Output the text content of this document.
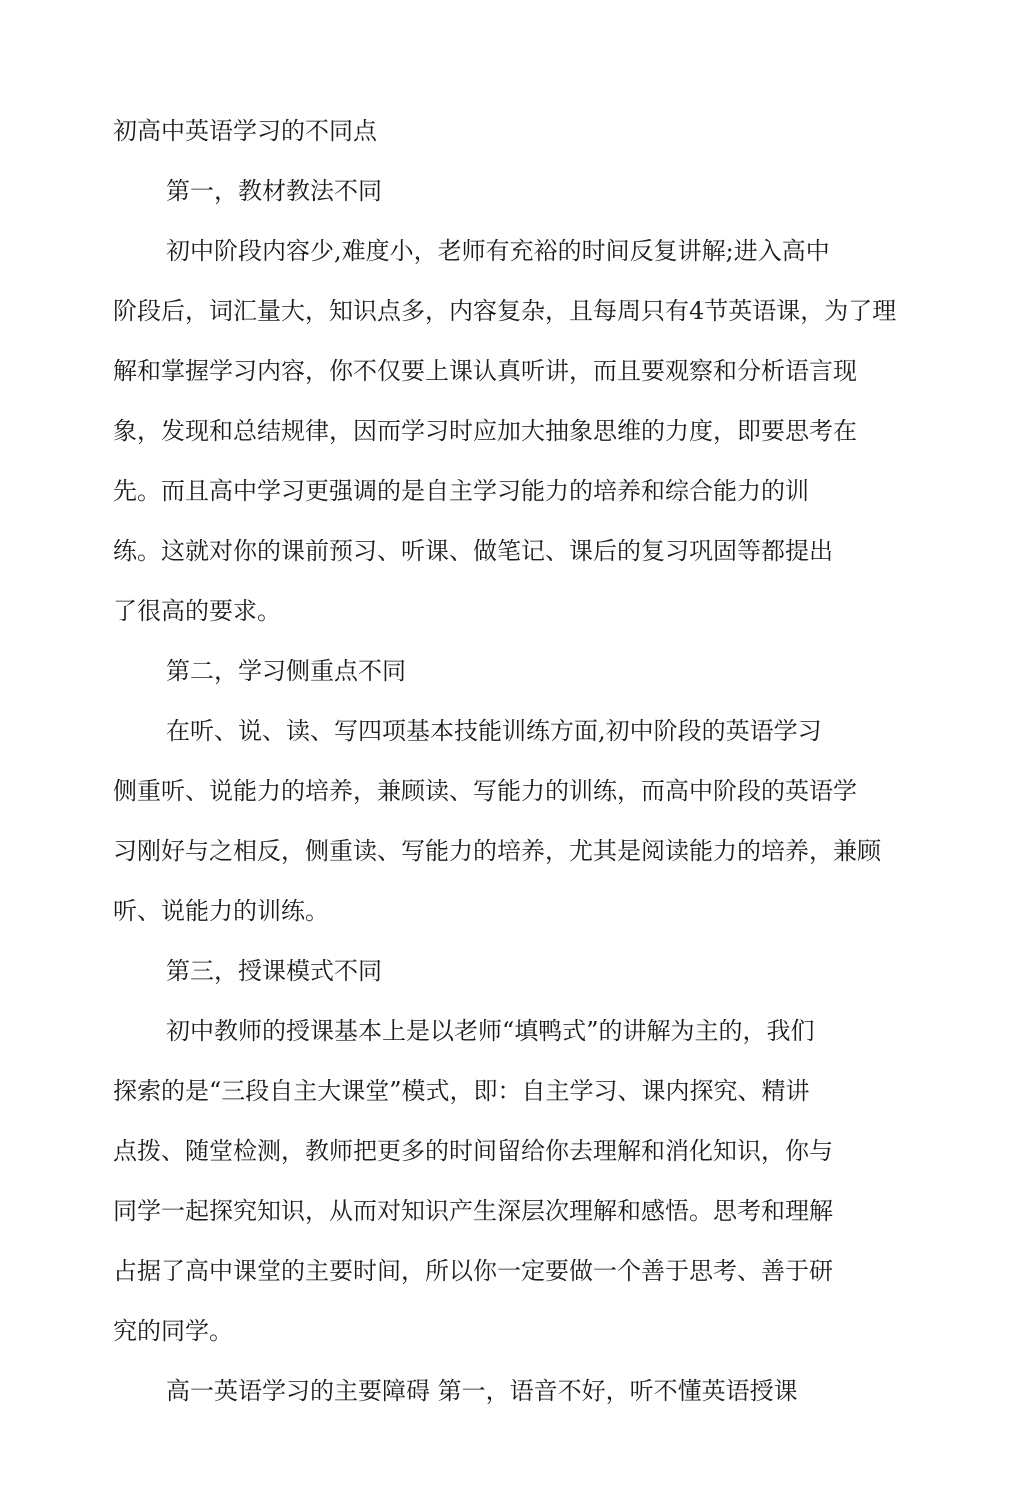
初高中英语学习的不同点
第一，教材教法不同
初中阶段内容少,难度小，老师有充裕的时间反复讲解;进入高中
阶段后，词汇量大，知识点多，内容复杂，且每周只有4节英语课，为了理
解和掌握学习内容，你不仅要上课认真听讲，而且要观察和分析语言现
象，发现和总结规律，因而学习时应加大抽象思维的力度，即要思考在
先。而且高中学习更强调的是自主学习能力的培养和综合能力的训
练。这就对你的课前预习、听课、做笔记、课后的复习巩固等都提出
了很高的要求。
第二，学习侧重点不同
在听、说、读、写四项基本技能训练方面,初中阶段的英语学习
侧重听、说能力的培养，兼顾读、写能力的训练，而高中阶段的英语学
习刚好与之相反，侧重读、写能力的培养，尤其是阅读能力的培养，兼顾
听、说能力的训练。
第三，授课模式不同
初中教师的授课基本上是以老师“填鸭式”的讲解为主的，我们
探索的是“三段自主大课堂”模式，即：自主学习、课内探究、精讲
点拨、随堂检测，教师把更多的时间留给你去理解和消化知识，你与
同学一起探究知识，从而对知识产生深层次理解和感悟。思考和理解
占据了高中课堂的主要时间，所以你一定要做一个善于思考、善于研
究的同学。
高一英语学习的主要障碍 第一，语音不好，听不懂英语授课
